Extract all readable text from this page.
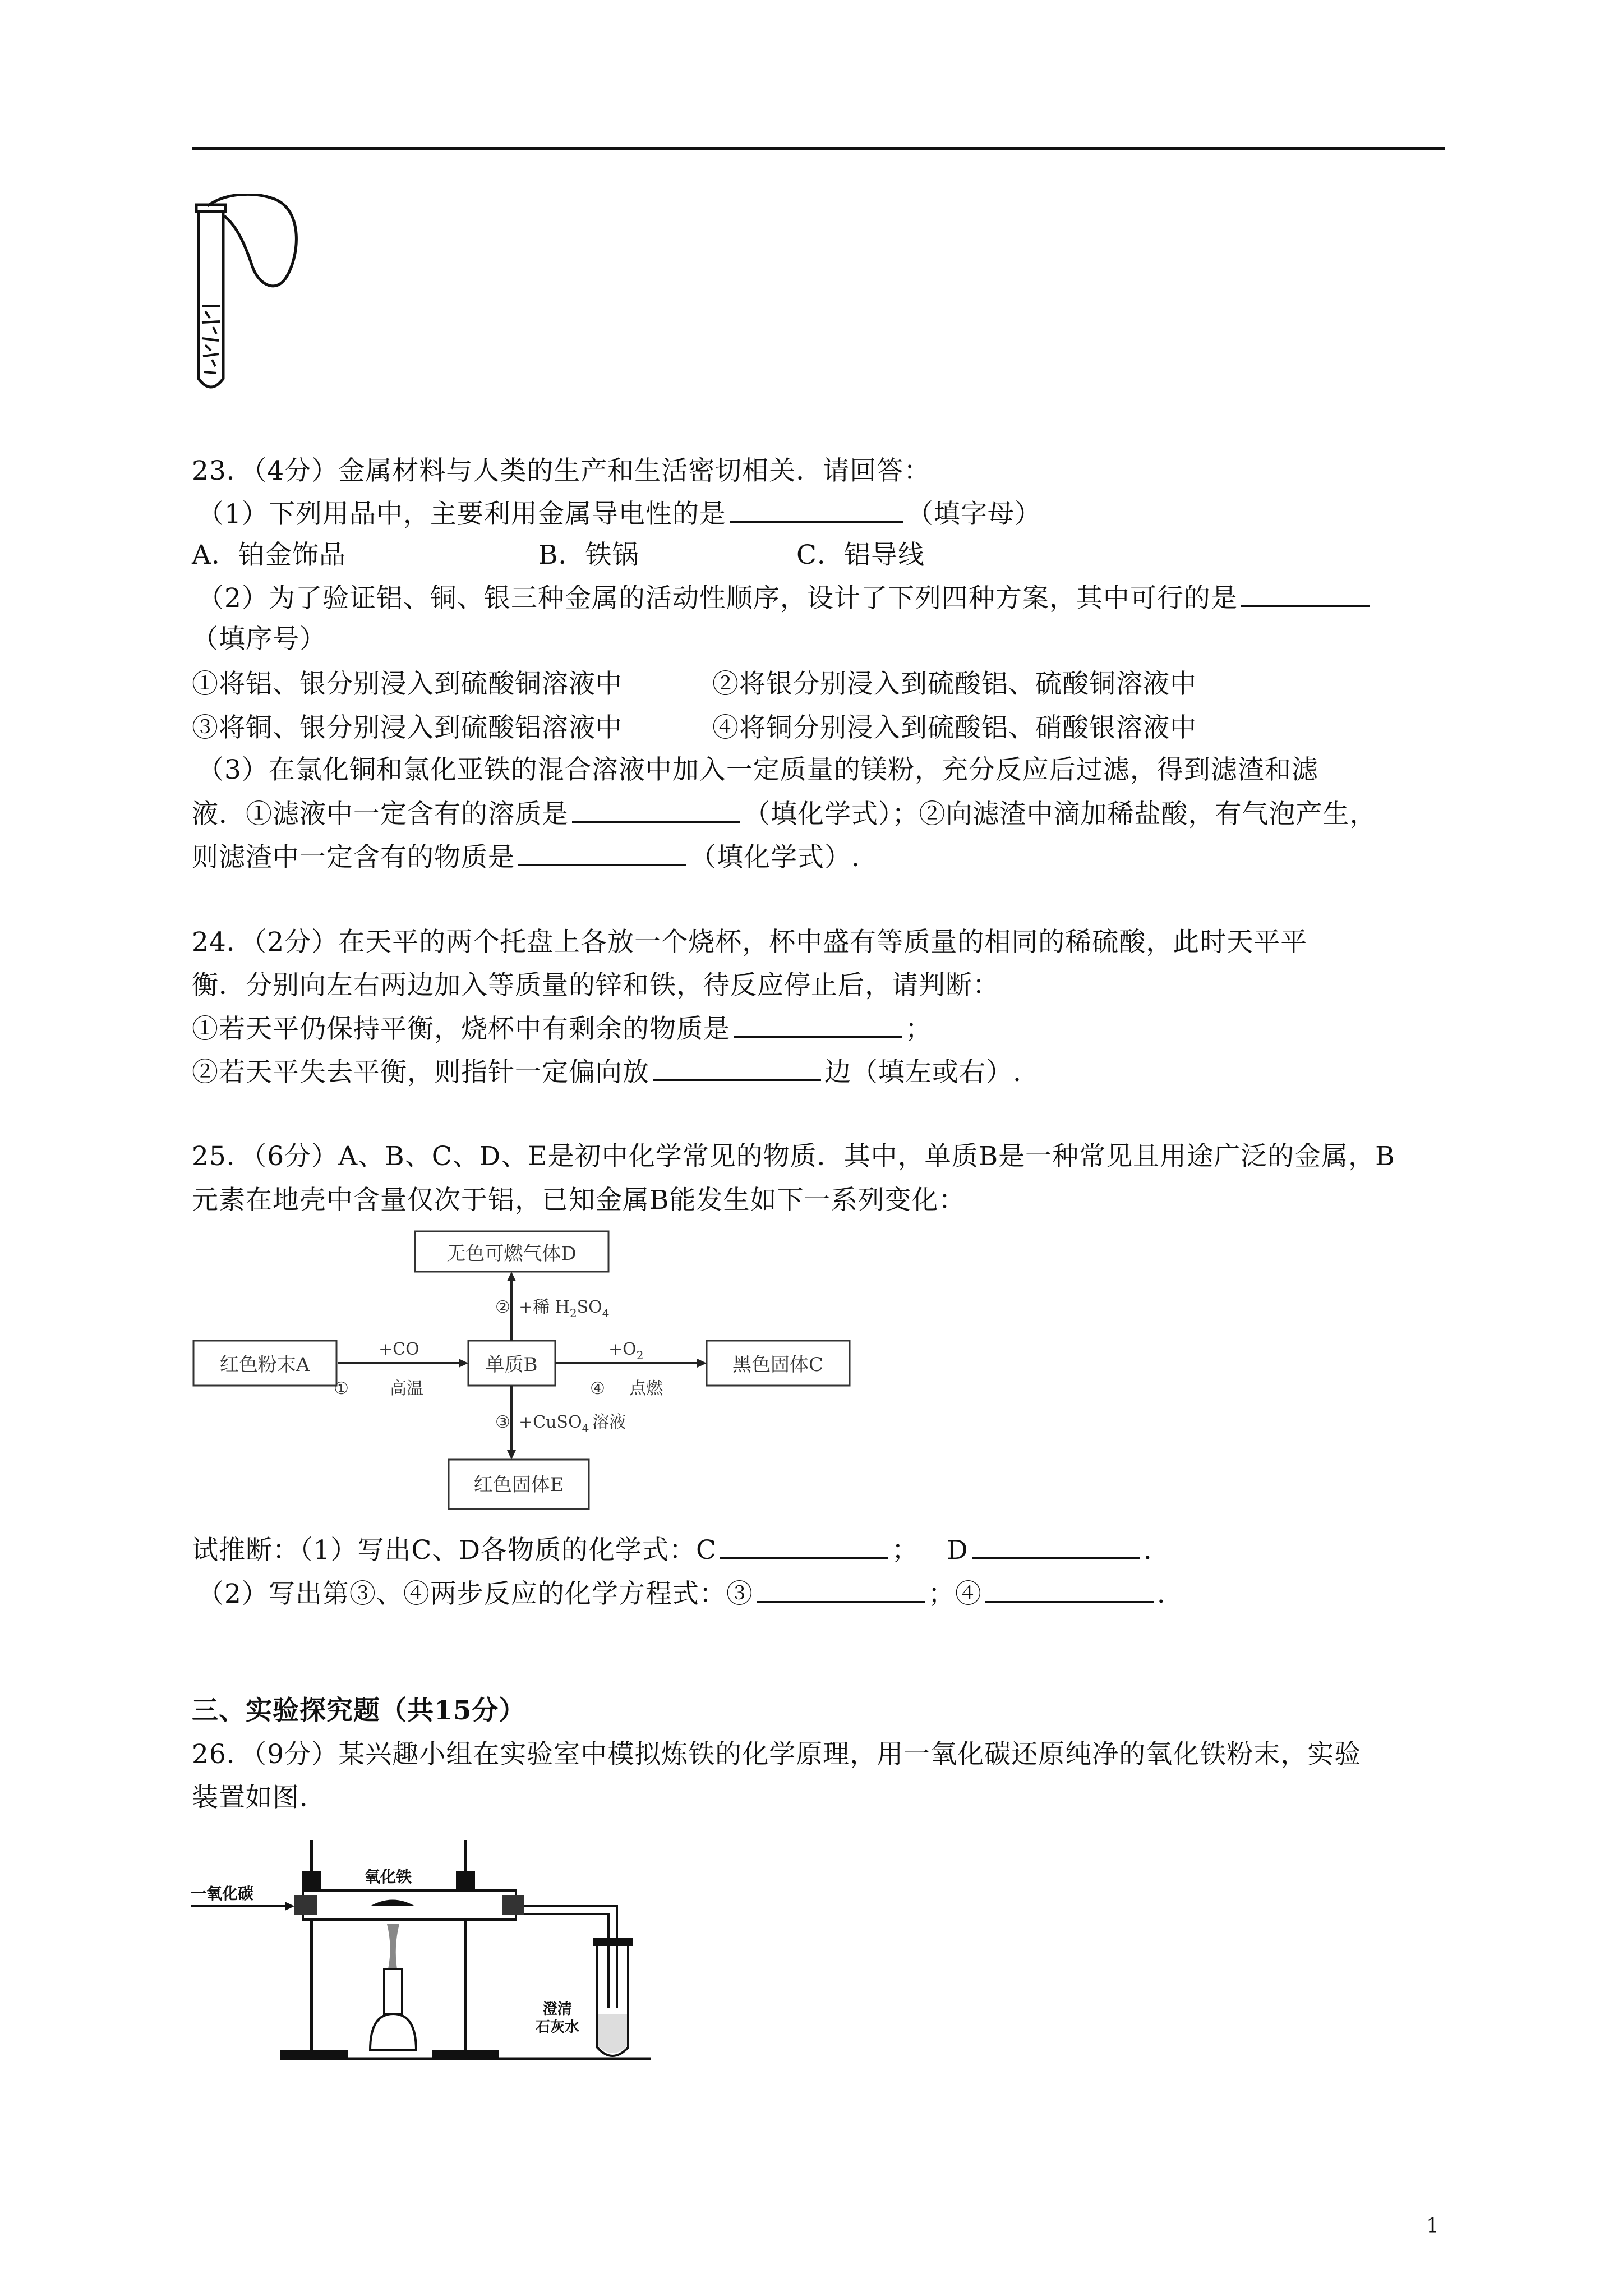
23．（4分）金属材料与人类的生产和生活密切相关．请回答：
（1）下列用品中，主要利用金属导电性的是	（填字母）
A．铂金饰品	B．铁锅	C．铝导线
（2）为了验证铝、铜、银三种金属的活动性顺序，设计了下列四种方案，其中可行的是
（填序号）
①将铝、银分别浸入到硫酸铜溶液中	②将银分别浸入到硫酸铝、硫酸铜溶液中
③将铜、银分别浸入到硫酸铝溶液中	④将铜分别浸入到硫酸铝、硝酸银溶液中
（3）在氯化铜和氯化亚铁的混合溶液中加入一定质量的镁粉，充分反应后过滤，得到滤渣和滤
液．①滤液中一定含有的溶质是	（填化学式）；②向滤渣中滴加稀盐酸，有气泡产生，
则滤渣中一定含有的物质是	（填化学式）.
24．（2分）在天平的两个托盘上各放一个烧杯，杯中盛有等质量的相同的稀硫酸，此时天平平
衡．分别向左右两边加入等质量的锌和铁，待反应停止后，请判断：
①若天平仍保持平衡，烧杯中有剩余的物质是	；
②若天平失去平衡，则指针一定偏向放	边（填左或右）.
25．（6分）A、B、C、D、E是初中化学常见的物质．其中，单质B是一种常见且用途广泛的金属，B
元素在地壳中含量仅次于铝，已知金属B能发生如下一系列变化：
无色可燃气体D
红色粉末A	单质B	黑色固体C
红色固体E
+CO
① 高温
$+O_2$
④ 点燃
② +稀 $H_2SO_4$
③ +CuSO$_4$ 溶液
试推断：（1）写出C、D各物质的化学式：C	； D	.
（2）写出第③、④两步反应的化学方程式：③	；④	.
三、实验探究题（共15分）
26．（9分）某兴趣小组在实验室中模拟炼铁的化学原理，用一氧化碳还原纯净的氧化铁粉末，实验
装置如图．
一氧化碳
氧化铁
澄清
石灰水
1
